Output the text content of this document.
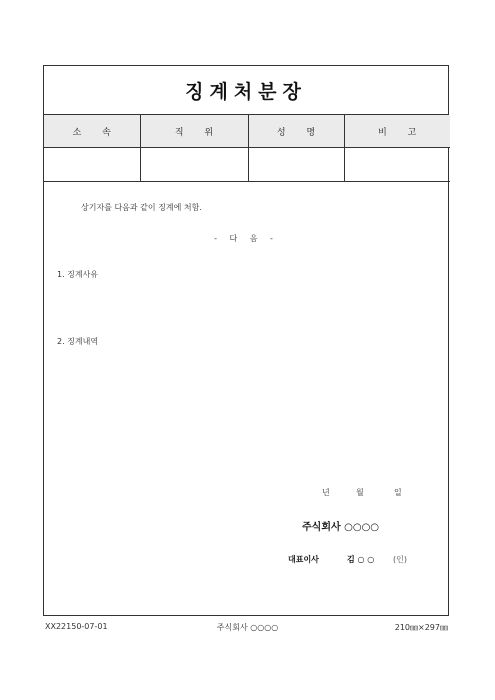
징계처분장
소 속	직 위	성 명	비 고

상기자를 다음과 같이 징계에 처함.
- 다 음 -
1. 징계사유
2. 징계내역
년	월	일
주식회사 ○○○○
대표이사	김 ○ ○	(인)
XX22150-07-01	주식회사 ○○○○	210㎜×297㎜
